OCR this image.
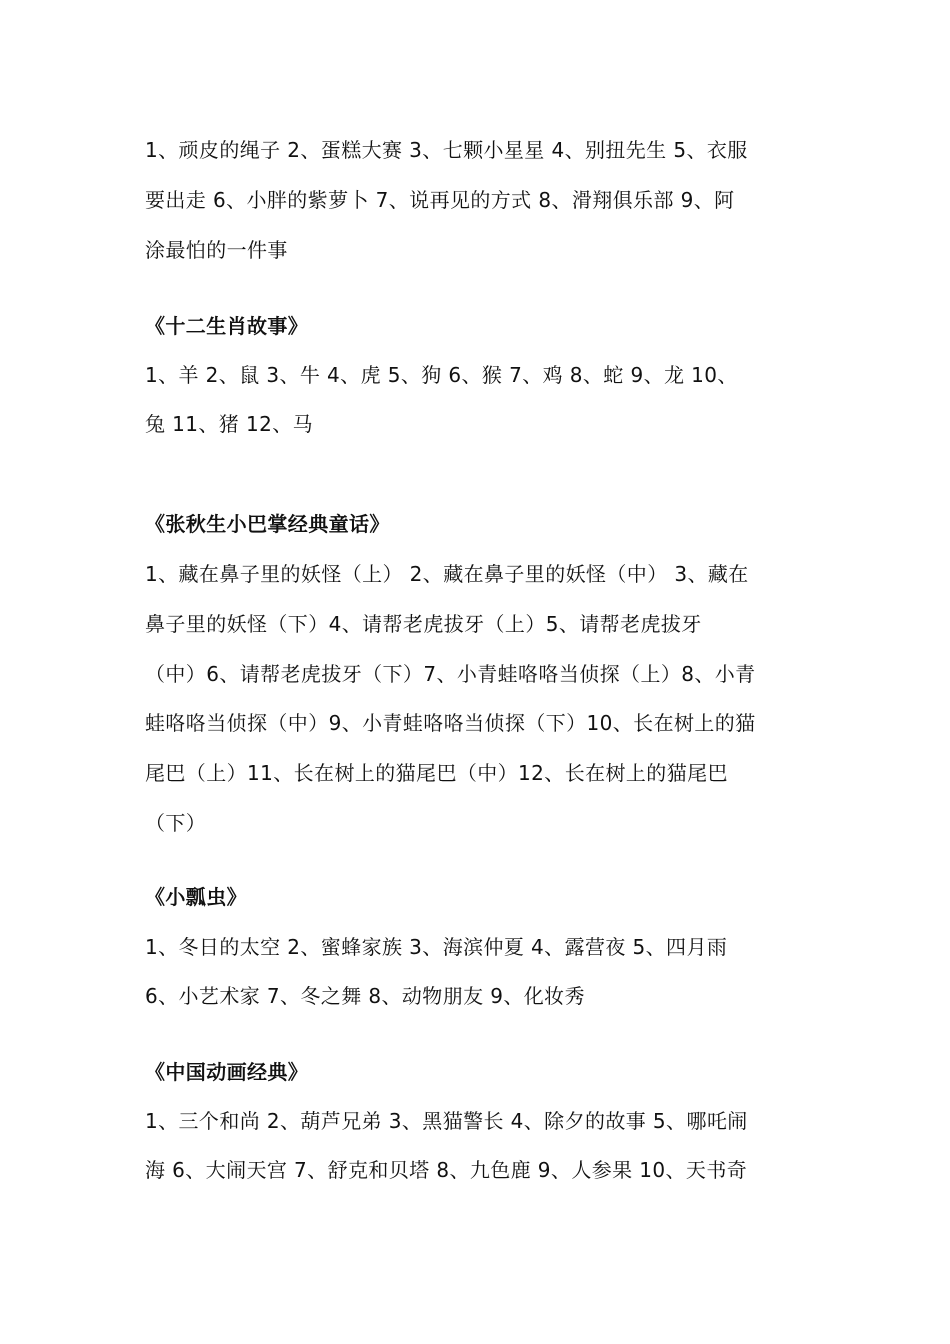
1、顽皮的绳子 2、蛋糕大赛 3、七颗小星星 4、别扭先生 5、衣服
要出走 6、小胖的紫萝卜 7、说再见的方式 8、滑翔俱乐部 9、阿
涂最怕的一件事
《十二生肖故事》
1、羊 2、鼠 3、牛 4、虎 5、狗 6、猴 7、鸡 8、蛇 9、龙 10、
兔 11、猪 12、马
《张秋生小巴掌经典童话》
1、藏在鼻子里的妖怪（上） 2、藏在鼻子里的妖怪（中） 3、藏在
鼻子里的妖怪（下）4、请帮老虎拔牙（上）5、请帮老虎拔牙
（中）6、请帮老虎拔牙（下）7、小青蛙咯咯当侦探（上）8、小青
蛙咯咯当侦探（中）9、小青蛙咯咯当侦探（下）10、长在树上的猫
尾巴（上）11、长在树上的猫尾巴（中）12、长在树上的猫尾巴
（下）
《小瓢虫》
1、冬日的太空 2、蜜蜂家族 3、海滨仲夏 4、露营夜 5、四月雨
6、小艺术家 7、冬之舞 8、动物朋友 9、化妆秀
《中国动画经典》
1、三个和尚 2、葫芦兄弟 3、黑猫警长 4、除夕的故事 5、哪吒闹
海 6、大闹天宫 7、舒克和贝塔 8、九色鹿 9、人参果 10、天书奇
